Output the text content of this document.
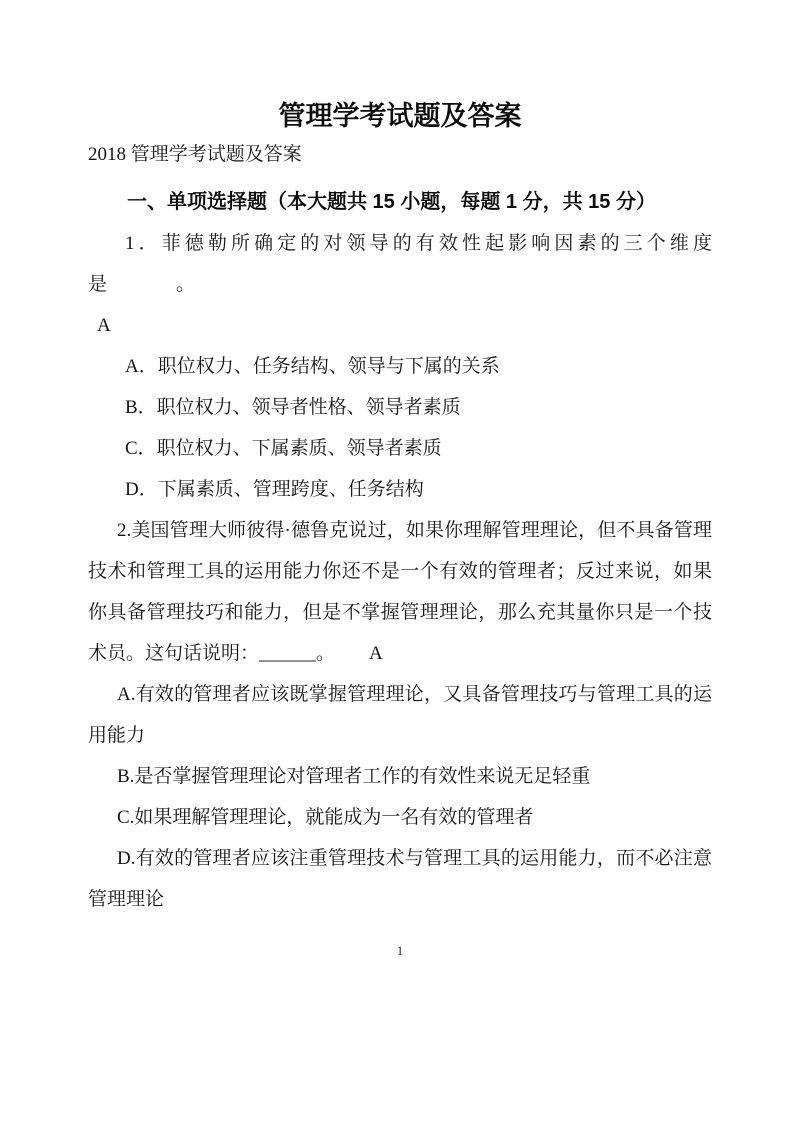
管理学考试题及答案

2018 管理学考试题及答案

一、单项选择题（本大题共 15 小题，每题 1 分，共 15 分）

1．菲德勒所确定的对领导的有效性起影响因素的三个维度是	。

A

A．职位权力、任务结构、领导与下属的关系

B．职位权力、领导者性格、领导者素质

C．职位权力、下属素质、领导者素质

D．下属素质、管理跨度、任务结构

2.美国管理大师彼得·德鲁克说过，如果你理解管理理论，但不具备管理技术和管理工具的运用能力你还不是一个有效的管理者；反过来说，如果你具备管理技巧和能力，但是不掌握管理理论，那么充其量你只是一个技术员。这句话说明：______。 A

A.有效的管理者应该既掌握管理理论，又具备管理技巧与管理工具的运用能力

B.是否掌握管理理论对管理者工作的有效性来说无足轻重

C.如果理解管理理论，就能成为一名有效的管理者

D.有效的管理者应该注重管理技术与管理工具的运用能力，而不必注意管理理论

1
